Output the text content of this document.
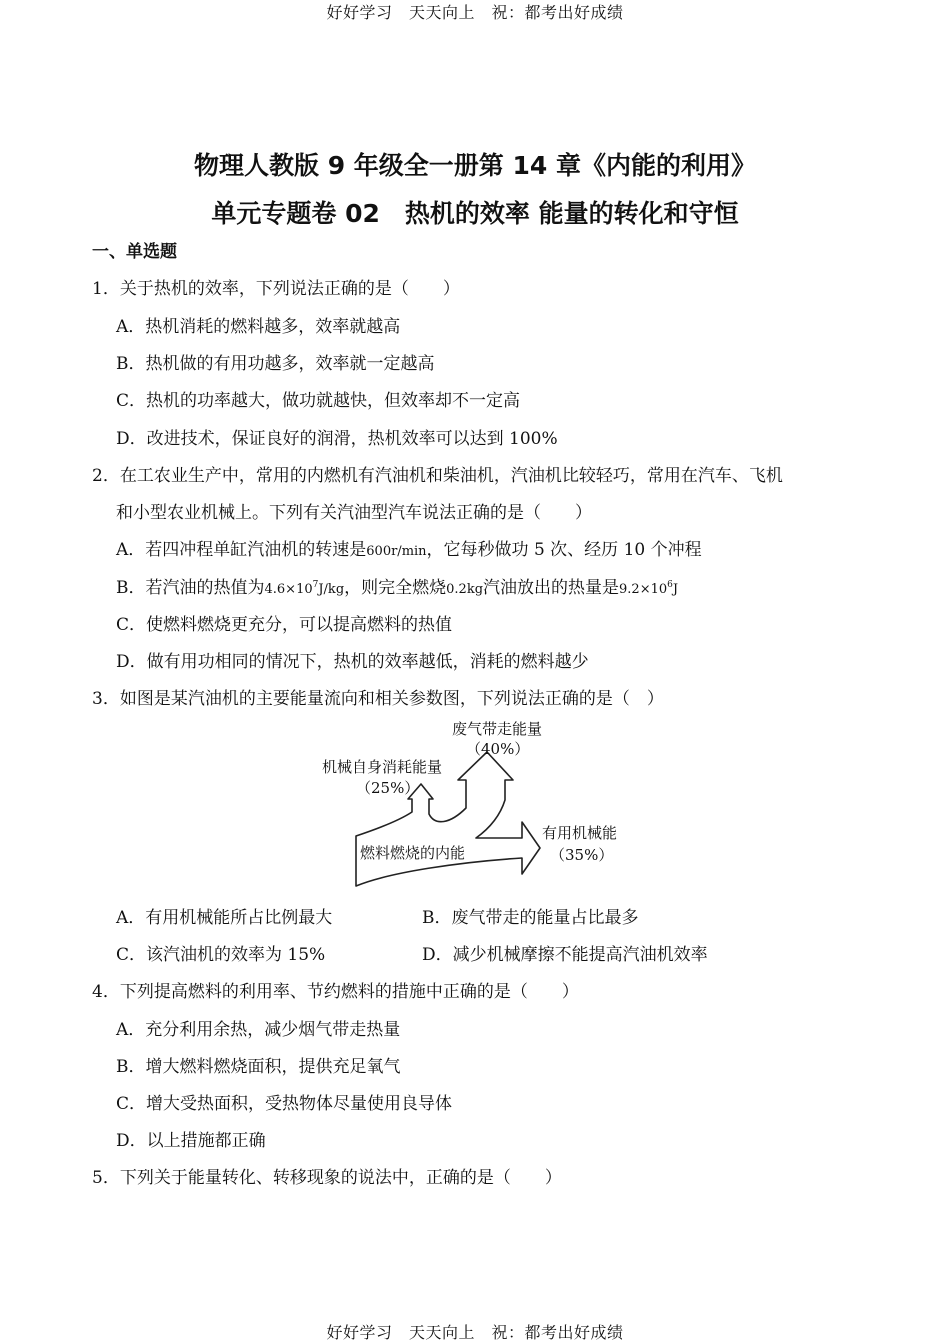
好好学习　天天向上　祝：都考出好成绩
物理人教版 9 年级全一册第 14 章《内能的利用》
单元专题卷 02　热机的效率 能量的转化和守恒
一、单选题
1．关于热机的效率，下列说法正确的是（　　）
A．热机消耗的燃料越多，效率就越高
B．热机做的有用功越多，效率就一定越高
C．热机的功率越大，做功就越快，但效率却不一定高
D．改进技术，保证良好的润滑，热机效率可以达到 100%
2．在工农业生产中，常用的内燃机有汽油机和柴油机，汽油机比较轻巧，常用在汽车、飞机
和小型农业机械上。下列有关汽油型汽车说法正确的是（　　）
A．若四冲程单缸汽油机的转速是600r/min，它每秒做功 5 次、经历 10 个冲程
B．若汽油的热值为$4.6\times 10^7J/kg$，则完全燃烧0.2kg汽油放出的热量是$9.2\times 10^6J$
C．使燃料燃烧更充分，可以提高燃料的热值
D．做有用功相同的情况下，热机的效率越低，消耗的燃料越少
3．如图是某汽油机的主要能量流向和相关参数图，下列说法正确的是（　）
废气带走能量
（40%）
机械自身消耗能量
（25%）
有用机械能
（35%）
燃料燃烧的内能
A．有用机械能所占比例最大	B．废气带走的能量占比最多
C．该汽油机的效率为 15%	D．减少机械摩擦不能提高汽油机效率
4．下列提高燃料的利用率、节约燃料的措施中正确的是（　　）
A．充分利用余热，减少烟气带走热量
B．增大燃料燃烧面积，提供充足氧气
C．增大受热面积，受热物体尽量使用良导体
D．以上措施都正确
5．下列关于能量转化、转移现象的说法中，正确的是（　　）
好好学习　天天向上　祝：都考出好成绩
